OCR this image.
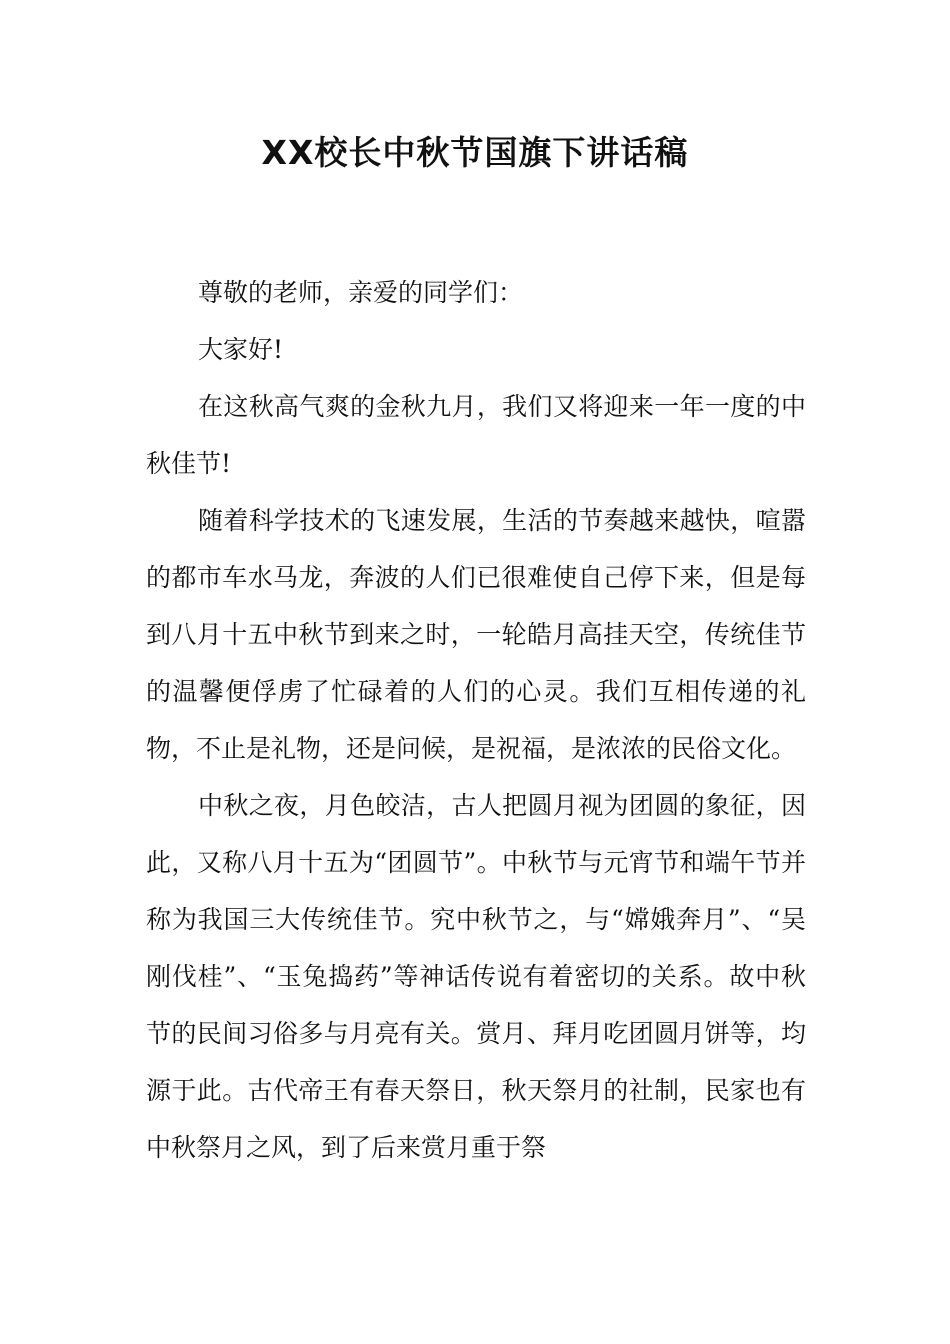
XX校长中秋节国旗下讲话稿

尊敬的老师，亲爱的同学们：

大家好!

在这秋高气爽的金秋九月，我们又将迎来一年一度的中秋佳节!

随着科学技术的飞速发展，生活的节奏越来越快，喧嚣的都市车水马龙，奔波的人们已很难使自己停下来，但是每到八月十五中秋节到来之时，一轮皓月高挂天空，传统佳节的温馨便俘虏了忙碌着的人们的心灵。我们互相传递的礼物，不止是礼物，还是问候，是祝福，是浓浓的民俗文化。

中秋之夜，月色皎洁，古人把圆月视为团圆的象征，因此，又称八月十五为“团圆节”。中秋节与元宵节和端午节并称为我国三大传统佳节。究中秋节之，与“嫦娥奔月”、“吴刚伐桂”、“玉兔捣药”等神话传说有着密切的关系。故中秋节的民间习俗多与月亮有关。赏月、拜月吃团圆月饼等，均源于此。古代帝王有春天祭日，秋天祭月的社制，民家也有中秋祭月之风，到了后来赏月重于祭
